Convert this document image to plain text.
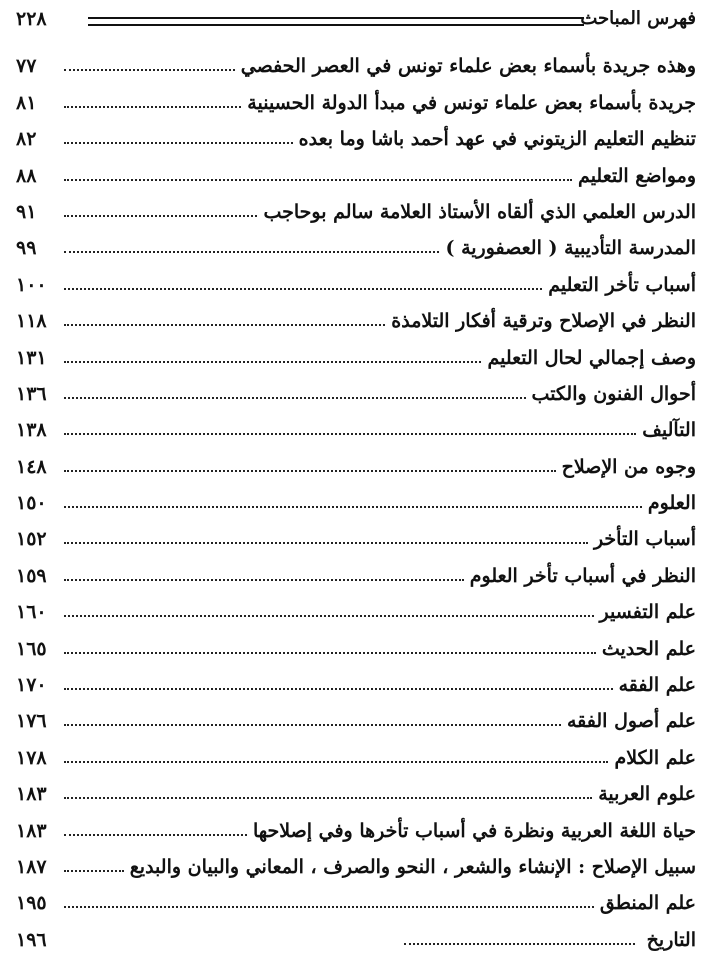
فهرس المباحث
٢٢٨
وهذه جريدة بأسماء بعض علماء تونس في العصر الحفصي
٧٧
جريدة بأسماء بعض علماء تونس في مبدأ الدولة الحسينية
٨١
تنظيم التعليم الزيتوني في عهد أحمد باشا وما بعده
٨٢
ومواضع التعليم
٨٨
الدرس العلمي الذي ألقاه الأستاذ العلامة سالم بوحاجب
٩١
المدرسة التأديبية ( العصفورية )
٩٩
أسباب تأخر التعليم
١٠٠
النظر في الإصلاح وترقية أفكار التلامذة
١١٨
وصف إجمالي لحال التعليم
١٣١
أحوال الفنون والكتب
١٣٦
التآليف
١٣٨
وجوه من الإصلاح
١٤٨
العلوم
١٥٠
أسباب التأخر
١٥٢
النظر في أسباب تأخر العلوم
١٥٩
علم التفسير
١٦٠
علم الحديث
١٦٥
علم الفقه
١٧٠
علم أصول الفقه
١٧٦
علم الكلام
١٧٨
علوم العربية
١٨٣
حياة اللغة العربية ونظرة في أسباب تأخرها وفي إصلاحها
١٨٣
سبيل الإصلاح : الإنشاء والشعر ، النحو والصرف ، المعاني والبيان والبديع
١٨٧
علم المنطق
١٩٥
التاريخ
١٩٦
